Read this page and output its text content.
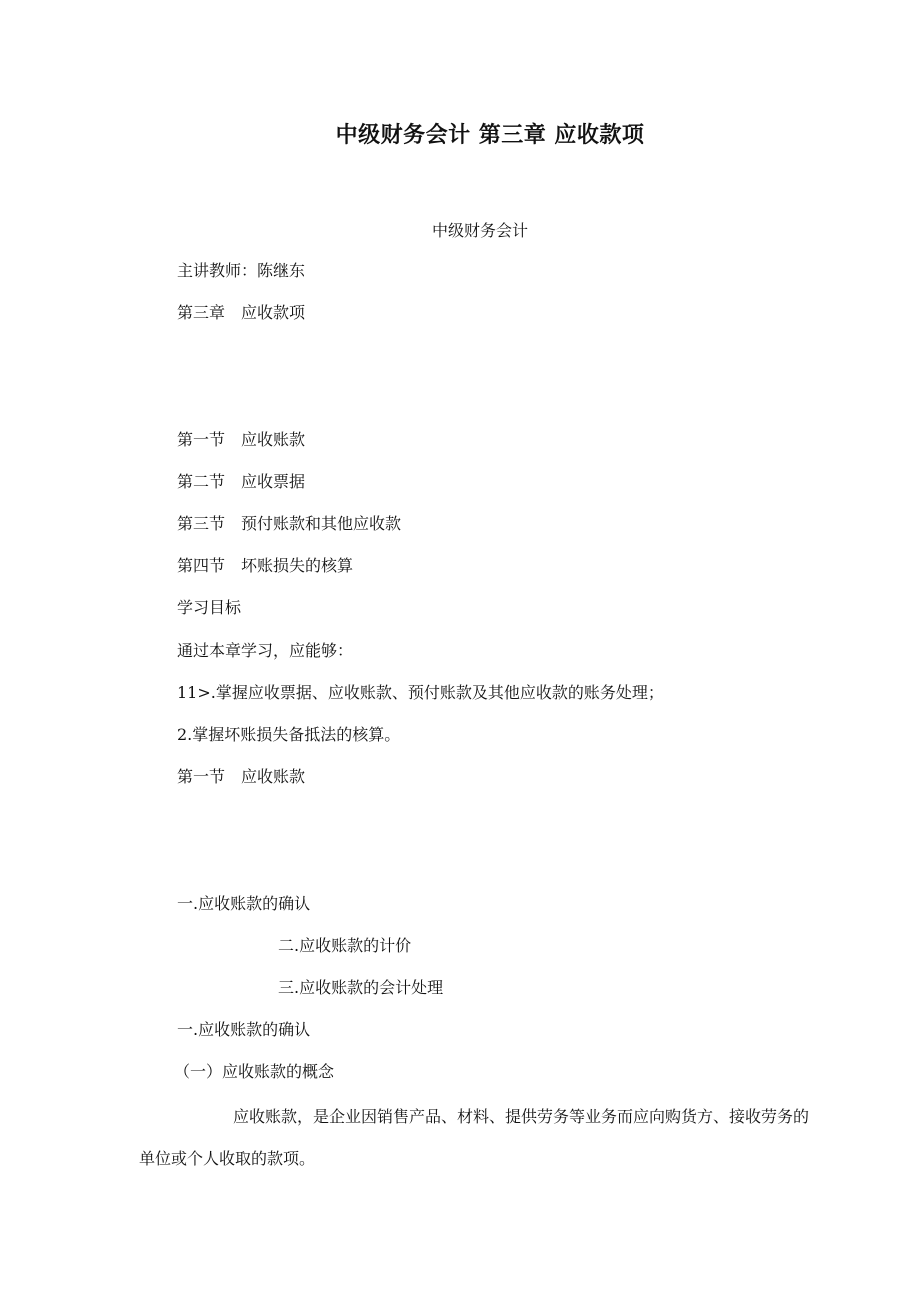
中级财务会计 第三章 应收款项
中级财务会计
主讲教师：陈继东
第三章　应收款项
第一节　应收账款
第二节　应收票据
第三节　预付账款和其他应收款
第四节　坏账损失的核算
学习目标
通过本章学习，应能够：
11>.掌握应收票据、应收账款、预付账款及其他应收款的账务处理；
2.掌握坏账损失备抵法的核算。
第一节　应收账款
一.应收账款的确认
二.应收账款的计价
三.应收账款的会计处理
一.应收账款的确认
（一）应收账款的概念
应收账款，是企业因销售产品、材料、提供劳务等业务而应向购货方、接收劳务的单位或个人收取的款项。
